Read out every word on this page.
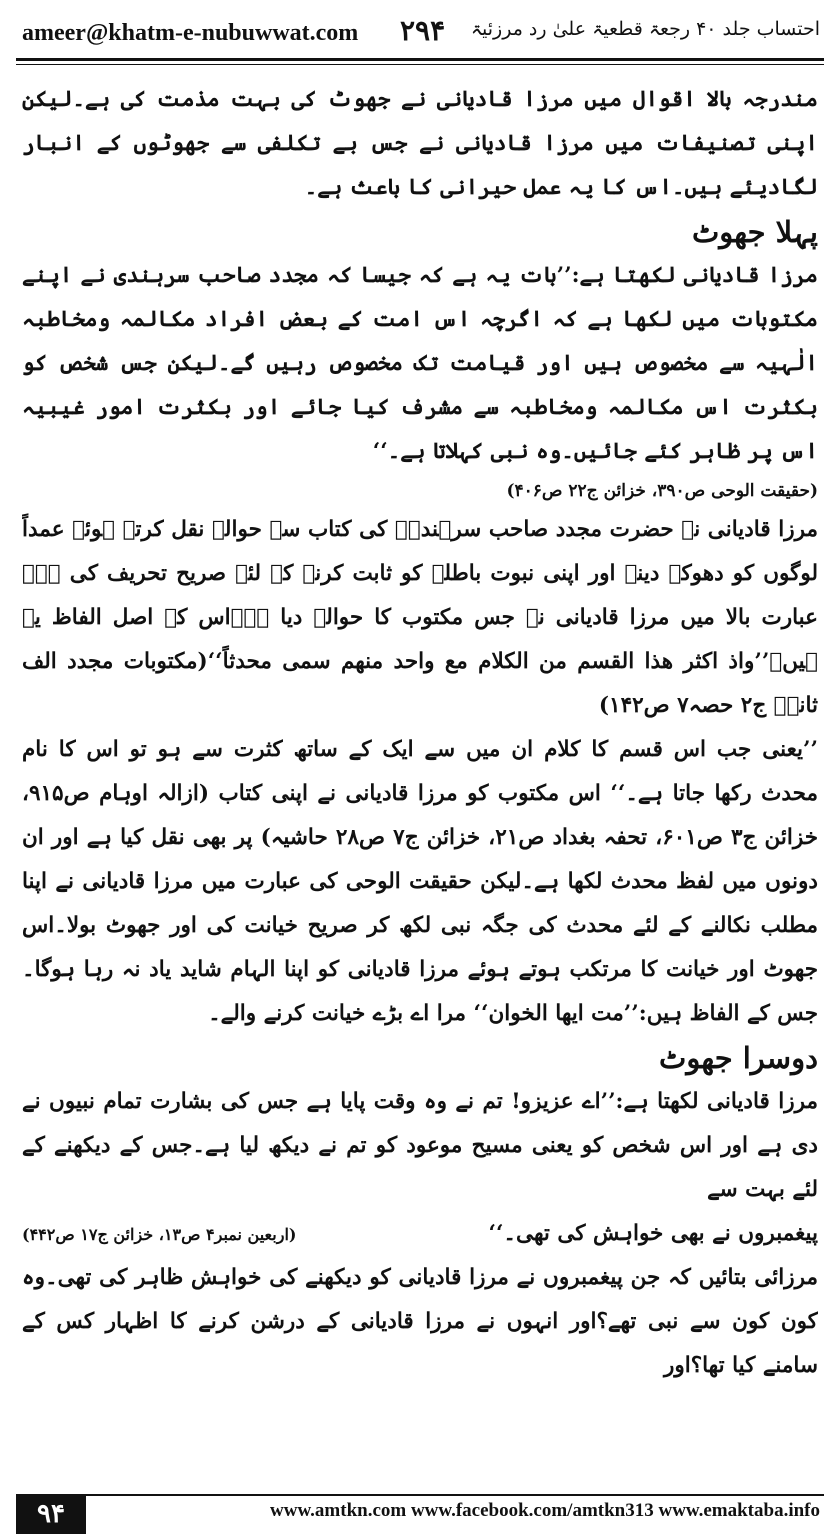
ameer@khatm-e-nubuwwat.com ۲۹۴ احتساب جلد ۴۰ رجعۃ قطعیۃ علیٰ رد مرزئیۃ

مندرجہ بالا اقوال میں مرزا قادیانی نے جھوٹ کی بہت مذمت کی ہے۔لیکن اپنی تصنیفات میں مرزا قادیانی نے جس بے تکلفی سے جھوٹوں کے انبار لگادیئے ہیں۔اس کا یہ عمل حیرانی کا باعث ہے۔

پہلا جھوٹ

مرزا قادیانی لکھتا ہے:’’بات یہ ہے کہ جیسا کہ مجدد صاحب سرہندی نے اپنے مکتوبات میں لکھا ہے کہ اگرچہ اس امت کے بعض افراد مکالمہ ومخاطبہ الٰہیہ سے مخصوص ہیں اور قیامت تک مخصوص رہیں گے۔لیکن جس شخص کو بکثرت اس مکالمہ ومخاطبہ سے مشرف کیا جائے اور بکثرت امور غیبیہ اس پر ظاہر کئے جائیں۔وہ نبی کہلاتا ہے۔‘‘

(حقیقت الوحی ص۳۹۰، خزائن ج۲۲ ص۴۰۶)

مرزا قادیانی نے حضرت مجدد صاحب سرہندیؒ کی کتاب سے حوالہ نقل کرتے ہوئے عمداً لوگوں کو دھوکہ دینے اور اپنی نبوت باطلہ کو ثابت کرنے کے لئے صریح تحریف کی ہے۔عبارت بالا میں مرزا قادیانی نے جس مکتوب کا حوالہ دیا ہے۔اس کے اصل الفاظ یہ ہیں۔’’واذ اکثر ھذا القسم من الکلام مع واحد منھم سمی محدثاً‘‘(مکتوبات مجدد الف ثانیؒ ج۲ حصہ۷ ص۱۴۲)

’’یعنی جب اس قسم کا کلام ان میں سے ایک کے ساتھ کثرت سے ہو تو اس کا نام محدث رکھا جاتا ہے۔‘‘ اس مکتوب کو مرزا قادیانی نے اپنی کتاب (ازالہ اوہام ص۹۱۵، خزائن ج۳ ص۶۰۱، تحفہ بغداد ص۲۱، خزائن ج۷ ص۲۸ حاشیہ) پر بھی نقل کیا ہے اور ان دونوں میں لفظ محدث لکھا ہے۔لیکن حقیقت الوحی کی عبارت میں مرزا قادیانی نے اپنا مطلب نکالنے کے لئے محدث کی جگہ نبی لکھ کر صریح خیانت کی اور جھوٹ بولا۔اس جھوٹ اور خیانت کا مرتکب ہوتے ہوئے مرزا قادیانی کو اپنا الہام شاید یاد نہ رہا ہوگا۔جس کے الفاظ ہیں:’’مت ایھا الخوان‘‘ مرا اے بڑے خیانت کرنے والے۔

دوسرا جھوٹ

مرزا قادیانی لکھتا ہے:’’اے عزیزو! تم نے وہ وقت پایا ہے جس کی بشارت تمام نبیوں نے دی ہے اور اس شخص کو یعنی مسیح موعود کو تم نے دیکھ لیا ہے۔جس کے دیکھنے کے لئے بہت سے

پیغمبروں نے بھی خواہش کی تھی۔‘‘
(اربعین نمبر۴ ص۱۳، خزائن ج۱۷ ص۴۴۲)

مرزائی بتائیں کہ جن پیغمبروں نے مرزا قادیانی کو دیکھنے کی خواہش ظاہر کی تھی۔وہ کون کون سے نبی تھے؟اور انہوں نے مرزا قادیانی کے درشن کرنے کا اظہار کس کے سامنے کیا تھا؟اور

۹۴	www.amtkn.com www.facebook.com/amtkn313 www.emaktaba.info
